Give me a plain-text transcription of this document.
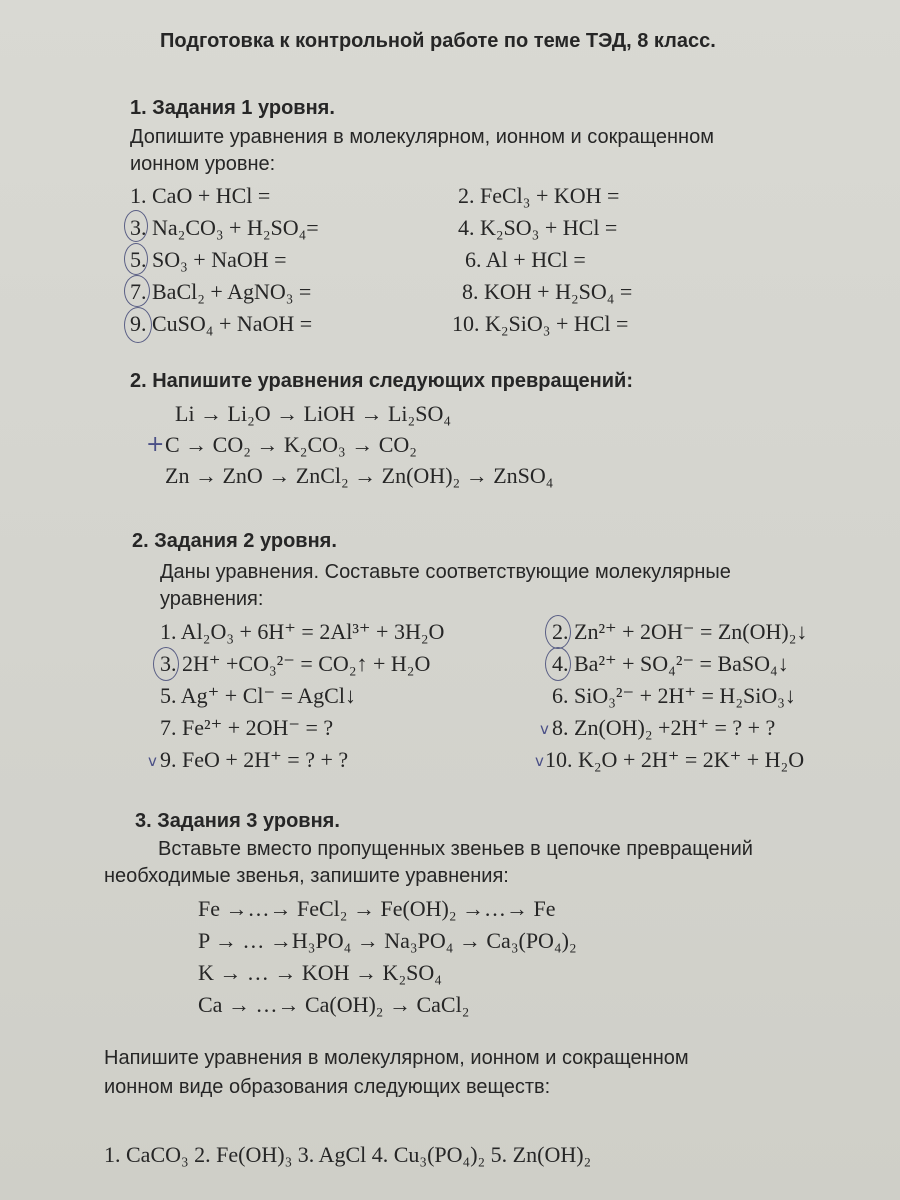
Подготовка к контрольной работе по теме ТЭД, 8 класс.
1. Задания 1 уровня.
Допишите уравнения в молекулярном, ионном и сокращенном
ионном уровне:
1. CaO + HCl =
3. Na₂CO₃ + H₂SO₄=
5. SO₃ + NaOH =
7. BaCl₂ + AgNO₃ =
9. CuSO₄ + NaOH =
2. FeCl₃ + KOH =
4. K₂SO₃ + HCl =
6. Al + HCl =
8. KOH + H₂SO₄ =
10. K₂SiO₃ + HCl =
2. Напишите уравнения следующих превращений:
Li → Li₂O → LiOH → Li₂SO₄
+ C → CO₂ → K₂CO₃ → CO₂
Zn → ZnO → ZnCl₂ → Zn(OH)₂ → ZnSO₄
2. Задания 2 уровня.
Даны уравнения. Составьте соответствующие молекулярные
уравнения:
1. Al₂O₃ + 6H⁺ = 2Al³⁺ + 3H₂O
3. 2H⁺ +CO₃²⁻ = CO₂↑ + H₂O
5. Ag⁺ + Cl⁻ = AgCl↓
7. Fe²⁺ + 2OH⁻ = ?
v 9. FeO + 2H⁺ = ? + ?
2. Zn²⁺ + 2OH⁻ = Zn(OH)₂↓
4. Ba²⁺ + SO₄²⁻ = BaSO₄↓
6. SiO₃²⁻ + 2H⁺ = H₂SiO₃↓
v 8. Zn(OH)₂ +2H⁺ = ? + ?
v 10. K₂O + 2H⁺ = 2K⁺ + H₂O
3. Задания 3 уровня.
Вставьте вместо пропущенных звеньев в цепочке превращений
необходимые звенья, запишите уравнения:
Fe →…→ FeCl₂ → Fe(OH)₂ →…→ Fe
P → … →H₃PO₄ → Na₃PO₄ → Ca₃(PO₄)₂
K → … → KOH → K₂SO₄
Ca → …→ Ca(OH)₂ → CaCl₂
Напишите уравнения в молекулярном, ионном и сокращенном
ионном виде образования следующих веществ:
1. CaCO₃ 2. Fe(OH)₃ 3. AgCl 4. Cu₃(PO₄)₂ 5. Zn(OH)₂
